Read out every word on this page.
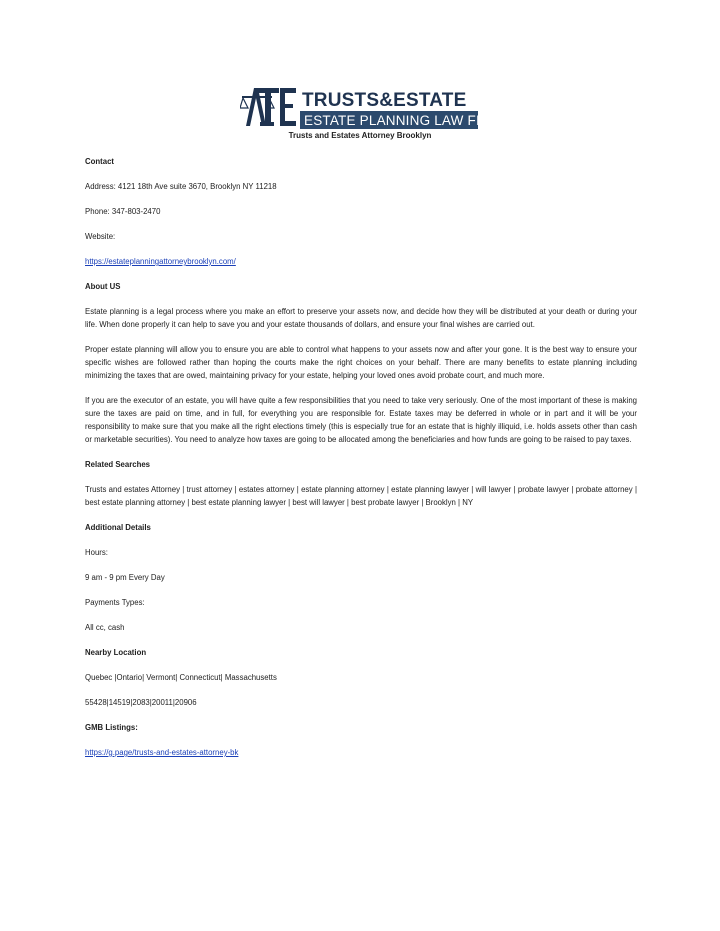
TRUSTS&ESTATE
ESTATE PLANNING LAW FIRM
Trusts and Estates Attorney Brooklyn

Contact

Address: 4121 18th Ave suite 3670, Brooklyn NY 11218

Phone: 347-803-2470

Website:

https://estateplanningattorneybrooklyn.com/

About US

Estate planning is a legal process where you make an effort to preserve your assets now, and decide how they will be distributed at your death or during your life. When done properly it can help to save you and your estate thousands of dollars, and ensure your final wishes are carried out.

Proper estate planning will allow you to ensure you are able to control what happens to your assets now and after your gone. It is the best way to ensure your specific wishes are followed rather than hoping the courts make the right choices on your behalf. There are many benefits to estate planning including minimizing the taxes that are owed, maintaining privacy for your estate, helping your loved ones avoid probate court, and much more.

If you are the executor of an estate, you will have quite a few responsibilities that you need to take very seriously. One of the most important of these is making sure the taxes are paid on time, and in full, for everything you are responsible for. Estate taxes may be deferred in whole or in part and it will be your responsibility to make sure that you make all the right elections timely (this is especially true for an estate that is highly illiquid, i.e. holds assets other than cash or marketable securities). You need to analyze how taxes are going to be allocated among the beneficiaries and how funds are going to be raised to pay taxes.

Related Searches

Trusts and estates Attorney | trust attorney | estates attorney | estate planning attorney | estate planning lawyer | will lawyer | probate lawyer | probate attorney | best estate planning attorney | best estate planning lawyer | best will lawyer | best probate lawyer | Brooklyn | NY

Additional Details

Hours:

9 am - 9 pm Every Day

Payments Types:

All cc, cash

Nearby Location

Quebec |Ontario| Vermont| Connecticut| Massachusetts

55428|14519|2083|20011|20906

GMB Listings:

https://g.page/trusts-and-estates-attorney-bk
